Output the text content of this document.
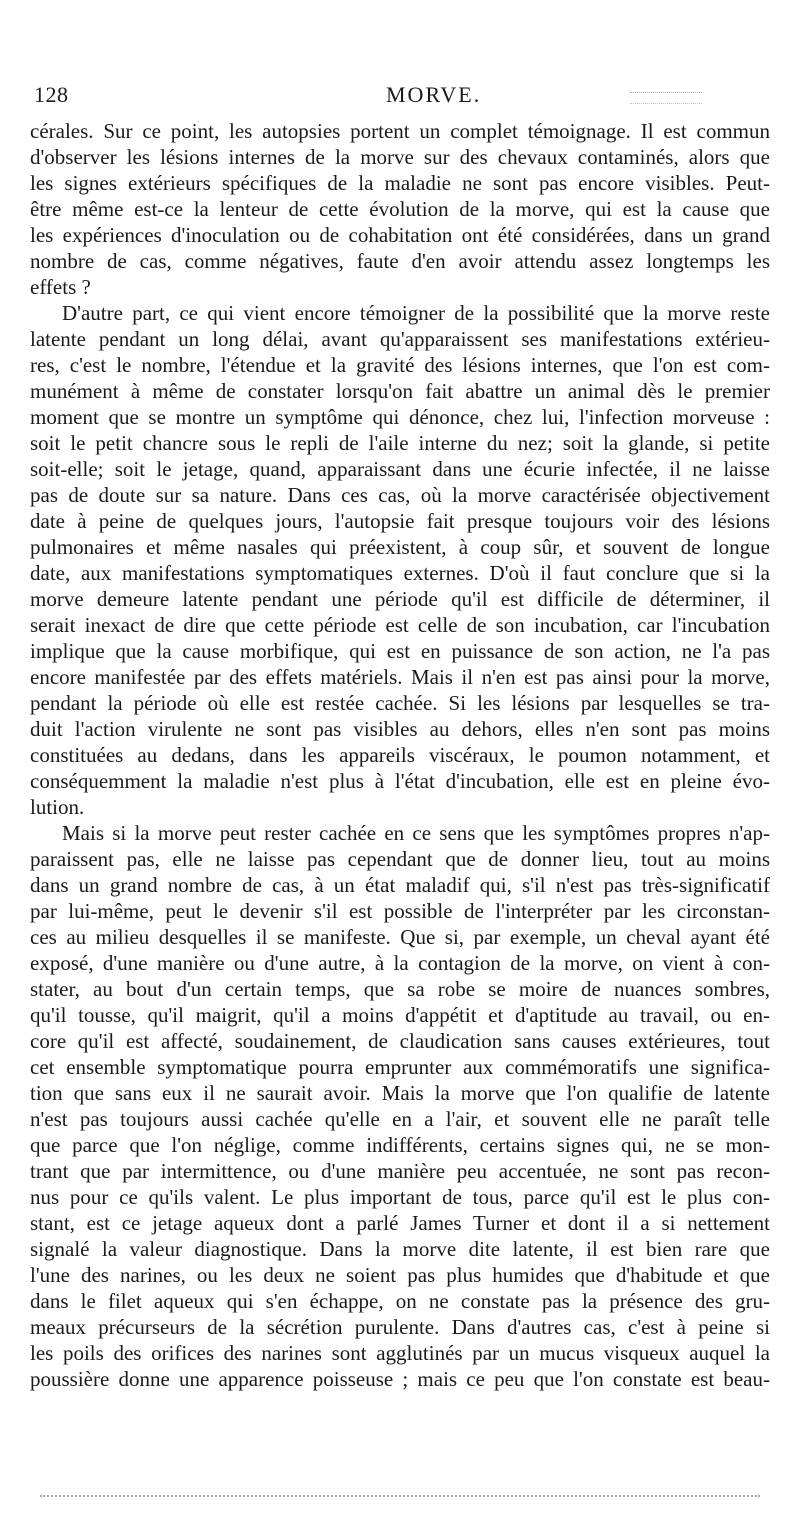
128	MORVE.
cérales. Sur ce point, les autopsies portent un complet témoignage. Il est commun
d'observer les lésions internes de la morve sur des chevaux contaminés, alors que
les signes extérieurs spécifiques de la maladie ne sont pas encore visibles. Peut-
être même est-ce la lenteur de cette évolution de la morve, qui est la cause que
les expériences d'inoculation ou de cohabitation ont été considérées, dans un grand
nombre de cas, comme négatives, faute d'en avoir attendu assez longtemps les
effets ?
D'autre part, ce qui vient encore témoigner de la possibilité que la morve reste
latente pendant un long délai, avant qu'apparaissent ses manifestations extérieu-
res, c'est le nombre, l'étendue et la gravité des lésions internes, que l'on est com-
munément à même de constater lorsqu'on fait abattre un animal dès le premier
moment que se montre un symptôme qui dénonce, chez lui, l'infection morveuse :
soit le petit chancre sous le repli de l'aile interne du nez; soit la glande, si petite
soit-elle; soit le jetage, quand, apparaissant dans une écurie infectée, il ne laisse
pas de doute sur sa nature. Dans ces cas, où la morve caractérisée objectivement
date à peine de quelques jours, l'autopsie fait presque toujours voir des lésions
pulmonaires et même nasales qui préexistent, à coup sûr, et souvent de longue
date, aux manifestations symptomatiques externes. D'où il faut conclure que si la
morve demeure latente pendant une période qu'il est difficile de déterminer, il
serait inexact de dire que cette période est celle de son incubation, car l'incubation
implique que la cause morbifique, qui est en puissance de son action, ne l'a pas
encore manifestée par des effets matériels. Mais il n'en est pas ainsi pour la morve,
pendant la période où elle est restée cachée. Si les lésions par lesquelles se tra-
duit l'action virulente ne sont pas visibles au dehors, elles n'en sont pas moins
constituées au dedans, dans les appareils viscéraux, le poumon notamment, et
conséquemment la maladie n'est plus à l'état d'incubation, elle est en pleine évo-
lution.
Mais si la morve peut rester cachée en ce sens que les symptômes propres n'ap-
paraissent pas, elle ne laisse pas cependant que de donner lieu, tout au moins
dans un grand nombre de cas, à un état maladif qui, s'il n'est pas très-significatif
par lui-même, peut le devenir s'il est possible de l'interpréter par les circonstan-
ces au milieu desquelles il se manifeste. Que si, par exemple, un cheval ayant été
exposé, d'une manière ou d'une autre, à la contagion de la morve, on vient à con-
stater, au bout d'un certain temps, que sa robe se moire de nuances sombres,
qu'il tousse, qu'il maigrit, qu'il a moins d'appétit et d'aptitude au travail, ou en-
core qu'il est affecté, soudainement, de claudication sans causes extérieures, tout
cet ensemble symptomatique pourra emprunter aux commémoratifs une significa-
tion que sans eux il ne saurait avoir. Mais la morve que l'on qualifie de latente
n'est pas toujours aussi cachée qu'elle en a l'air, et souvent elle ne paraît telle
que parce que l'on néglige, comme indifférents, certains signes qui, ne se mon-
trant que par intermittence, ou d'une manière peu accentuée, ne sont pas recon-
nus pour ce qu'ils valent. Le plus important de tous, parce qu'il est le plus con-
stant, est ce jetage aqueux dont a parlé James Turner et dont il a si nettement
signalé la valeur diagnostique. Dans la morve dite latente, il est bien rare que
l'une des narines, ou les deux ne soient pas plus humides que d'habitude et que
dans le filet aqueux qui s'en échappe, on ne constate pas la présence des gru-
meaux précurseurs de la sécrétion purulente. Dans d'autres cas, c'est à peine si
les poils des orifices des narines sont agglutinés par un mucus visqueux auquel la
poussière donne une apparence poisseuse ; mais ce peu que l'on constate est beau-
